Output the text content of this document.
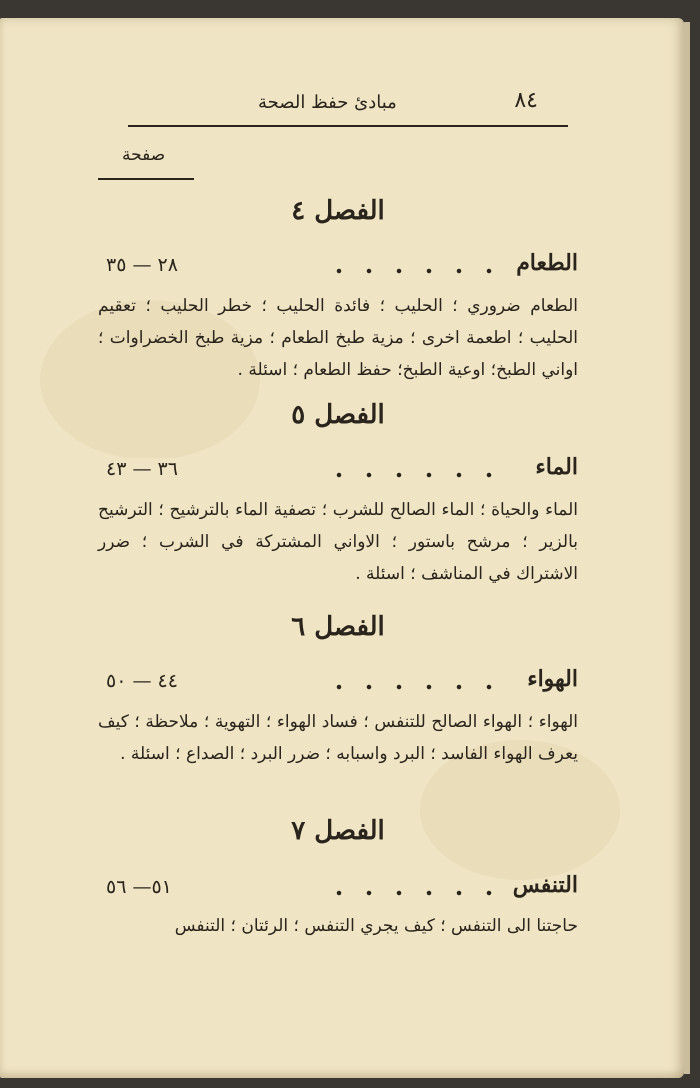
٨٤
مبادئ حفظ الصحة
صفحة
الفصل ٤
٢٨ — ٣٥	الطعام
الطعام ضروري ؛ الحليب ؛ فائدة الحليب ؛ خطر الحليب ؛ تعقيم الحليب ؛ اطعمة اخرى ؛ مزية طبخ الطعام ؛ مزية طبخ الخضراوات ؛ اواني الطبخ؛ اوعية الطبخ؛ حفظ الطعام ؛ اسئلة .
الفصل ٥
٣٦ — ٤٣	الماء
الماء والحياة ؛ الماء الصالح للشرب ؛ تصفية الماء بالترشيح ؛ الترشيح بالزير ؛ مرشح باستور ؛ الاواني المشتركة في الشرب ؛ ضرر الاشتراك في المناشف ؛ اسئلة .
الفصل ٦
٤٤ — ٥٠	الهواء
الهواء ؛ الهواء الصالح للتنفس ؛ فساد الهواء ؛ التهوية ؛ ملاحظة ؛ كيف يعرف الهواء الفاسد ؛ البرد واسبابه ؛ ضرر البرد ؛ الصداع ؛ اسئلة .
الفصل ٧
٥١— ٥٦	التنفس
حاجتنا الى التنفس ؛ كيف يجري التنفس ؛ الرئتان ؛ التنفس
